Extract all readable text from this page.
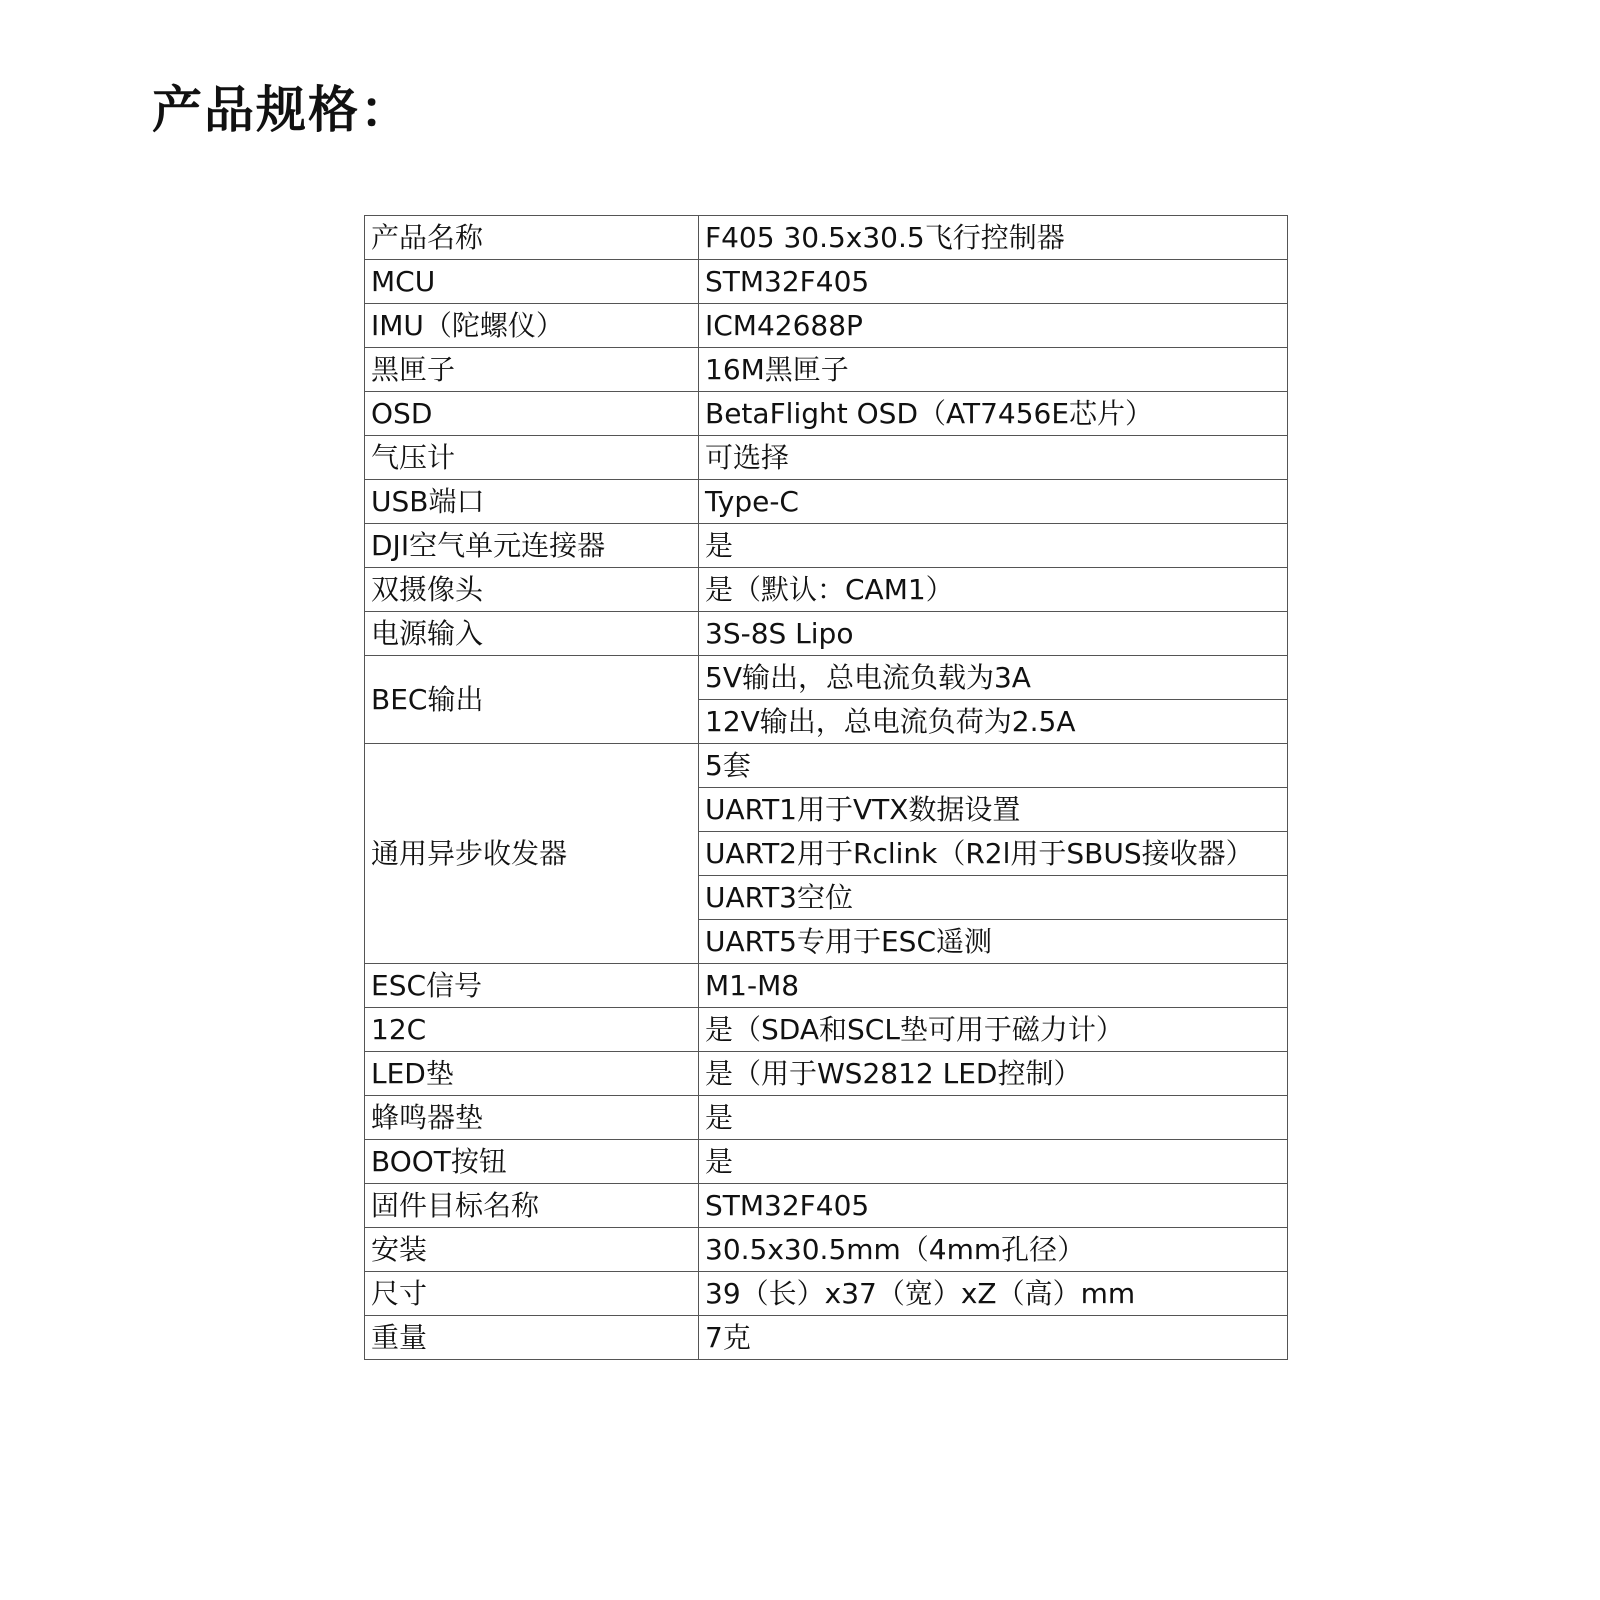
产品规格：
产品名称	F405 30.5x30.5飞行控制器
MCU	STM32F405
IMU（陀螺仪）	ICM42688P
黑匣子	16M黑匣子
OSD	BetaFlight OSD（AT7456E芯片）
气压计	可选择
USB端口	Type-C
DJI空气单元连接器	是
双摄像头	是（默认：CAM1）
电源输入	3S-8S Lipo
BEC输出	5V输出，总电流负载为3A
	12V输出，总电流负荷为2.5A
通用异步收发器	5套
	UART1用于VTX数据设置
	UART2用于Rclink（R2l用于SBUS接收器）
	UART3空位
	UART5专用于ESC遥测
ESC信号	M1-M8
12C	是（SDA和SCL垫可用于磁力计）
LED垫	是（用于WS2812 LED控制）
蜂鸣器垫	是
BOOT按钮	是
固件目标名称	STM32F405
安装	30.5x30.5mm（4mm孔径）
尺寸	39（长）x37（宽）xZ（高）mm
重量	7克
